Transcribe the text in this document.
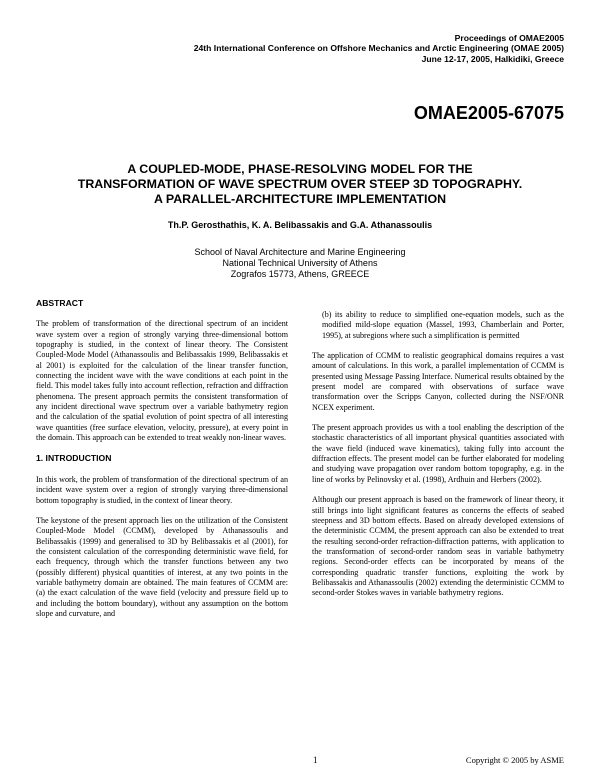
Proceedings of OMAE2005
24th International Conference on Offshore Mechanics and Arctic Engineering (OMAE 2005)
June 12-17, 2005, Halkidiki, Greece
OMAE2005-67075
A COUPLED-MODE, PHASE-RESOLVING MODEL FOR THE
TRANSFORMATION OF WAVE SPECTRUM OVER STEEP 3D TOPOGRAPHY.
A PARALLEL-ARCHITECTURE IMPLEMENTATION
Th.P. Gerosthathis, K. A. Belibassakis and G.A. Athanassoulis
School of Naval Architecture and Marine Engineering
National Technical University of Athens
Zografos 15773, Athens, GREECE
ABSTRACT

The problem of transformation of the directional spectrum of an incident wave system over a region of strongly varying three-dimensional bottom topography is studied, in the context of linear theory. The Consistent Coupled-Mode Model (Athanassoulis and Belibassakis 1999, Belibassakis et al 2001) is exploited for the calculation of the linear transfer function, connecting the incident wave with the wave conditions at each point in the field. This model takes fully into account reflection, refraction and diffraction phenomena. The present approach permits the consistent transformation of any incident directional wave spectrum over a variable bathymetry region and the calculation of the spatial evolution of point spectra of all interesting wave quantities (free surface elevation, velocity, pressure), at every point in the domain. This approach can be extended to treat weakly non-linear waves.

1. INTRODUCTION

In this work, the problem of transformation of the directional spectrum of an incident wave system over a region of strongly varying three-dimensional bottom topography is studied, in the context of linear theory.

The keystone of the present approach lies on the utilization of the Consistent Coupled-Mode Model (CCMM), developed by Athanassoulis and Belibassakis (1999) and generalised to 3D by Belibassakis et al (2001), for the consistent calculation of the corresponding deterministic wave field, for each frequency, through which the transfer functions between any two (possibly different) physical quantities of interest, at any two points in the variable bathymetry domain are obtained. The main features of CCMM are: (a) the exact calculation of the wave field (velocity and pressure field up to and including the bottom boundary), without any assumption on the bottom slope and curvature, and

(b) its ability to reduce to simplified one-equation models, such as the modified mild-slope equation (Massel, 1993, Chamberlain and Porter, 1995), at subregions where such a simplification is permitted

The application of CCMM to realistic geographical domains requires a vast amount of calculations. In this work, a parallel implementation of CCMM is presented using Message Passing Interface. Numerical results obtained by the present model are compared with observations of surface wave transformation over the Scripps Canyon, collected during the NSF/ONR NCEX experiment.

The present approach provides us with a tool enabling the description of the stochastic characteristics of all important physical quantities associated with the wave field (induced wave kinematics), taking fully into account the diffraction effects. The present model can be further elaborated for modeling and studying wave propagation over random bottom topography, e.g. in the line of works by Pelinovsky et al. (1998), Ardhuin and Herbers (2002).

Although our present approach is based on the framework of linear theory, it still brings into light significant features as concerns the effects of seabed steepness and 3D bottom effects. Based on already developed extensions of the deterministic CCMM, the present approach can also be extended to treat the resulting second-order refraction-diffraction patterns, with application to the transformation of second-order random seas in variable bathymetry regions. Second-order effects can be incorporated by means of the corresponding quadratic transfer functions, exploiting the work by Belibassakis and Athanassoulis (2002) extending the deterministic CCMM to second-order Stokes waves in variable bathymetry regions.

1	Copyright © 2005 by ASME
